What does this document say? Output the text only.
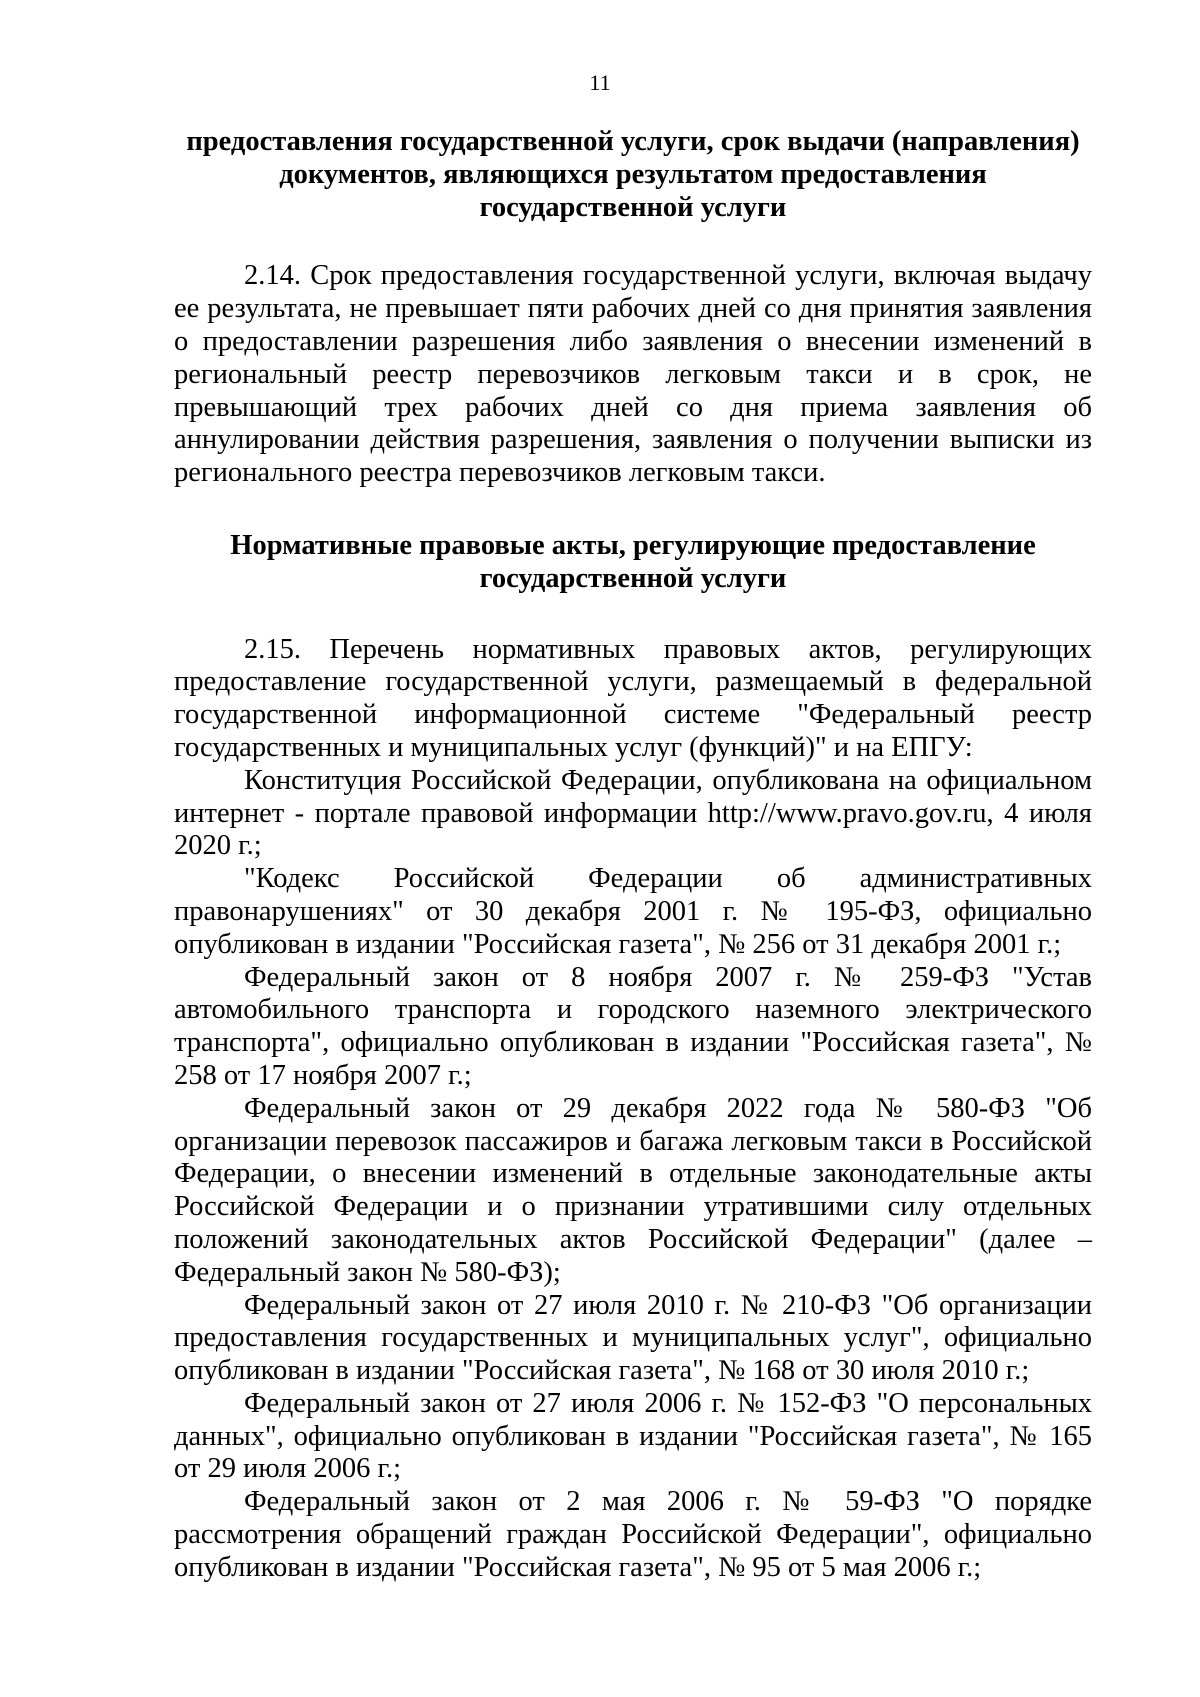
11

предоставления государственной услуги, срок выдачи (направления) документов, являющихся результатом предоставления государственной услуги

2.14. Срок предоставления государственной услуги, включая выдачу ее результата, не превышает пяти рабочих дней со дня принятия заявления о предоставлении разрешения либо заявления о внесении изменений в региональный реестр перевозчиков легковым такси и в срок, не превышающий трех рабочих дней со дня приема заявления об аннулировании действия разрешения, заявления о получении выписки из регионального реестра перевозчиков легковым такси.

Нормативные правовые акты, регулирующие предоставление государственной услуги

2.15. Перечень нормативных правовых актов, регулирующих предоставление государственной услуги, размещаемый в федеральной государственной информационной системе "Федеральный реестр государственных и муниципальных услуг (функций)" и на ЕПГУ:

Конституция Российской Федерации, опубликована на официальном интернет - портале правовой информации http://www.pravo.gov.ru, 4 июля 2020 г.;

"Кодекс Российской Федерации об административных правонарушениях" от 30 декабря 2001 г. № 195-ФЗ, официально опубликован в издании "Российская газета", № 256 от 31 декабря 2001 г.;

Федеральный закон от 8 ноября 2007 г. № 259-ФЗ "Устав автомобильного транспорта и городского наземного электрического транспорта", официально опубликован в издании "Российская газета", № 258 от 17 ноября 2007 г.;

Федеральный закон от 29 декабря 2022 года № 580-ФЗ "Об организации перевозок пассажиров и багажа легковым такси в Российской Федерации, о внесении изменений в отдельные законодательные акты Российской Федерации и о признании утратившими силу отдельных положений законодательных актов Российской Федерации" (далее – Федеральный закон № 580-ФЗ);

Федеральный закон от 27 июля 2010 г. № 210-ФЗ "Об организации предоставления государственных и муниципальных услуг", официально опубликован в издании "Российская газета", № 168 от 30 июля 2010 г.;

Федеральный закон от 27 июля 2006 г. № 152-ФЗ "О персональных данных", официально опубликован в издании "Российская газета", № 165 от 29 июля 2006 г.;

Федеральный закон от 2 мая 2006 г. № 59-ФЗ "О порядке рассмотрения обращений граждан Российской Федерации", официально опубликован в издании "Российская газета", № 95 от 5 мая 2006 г.;
